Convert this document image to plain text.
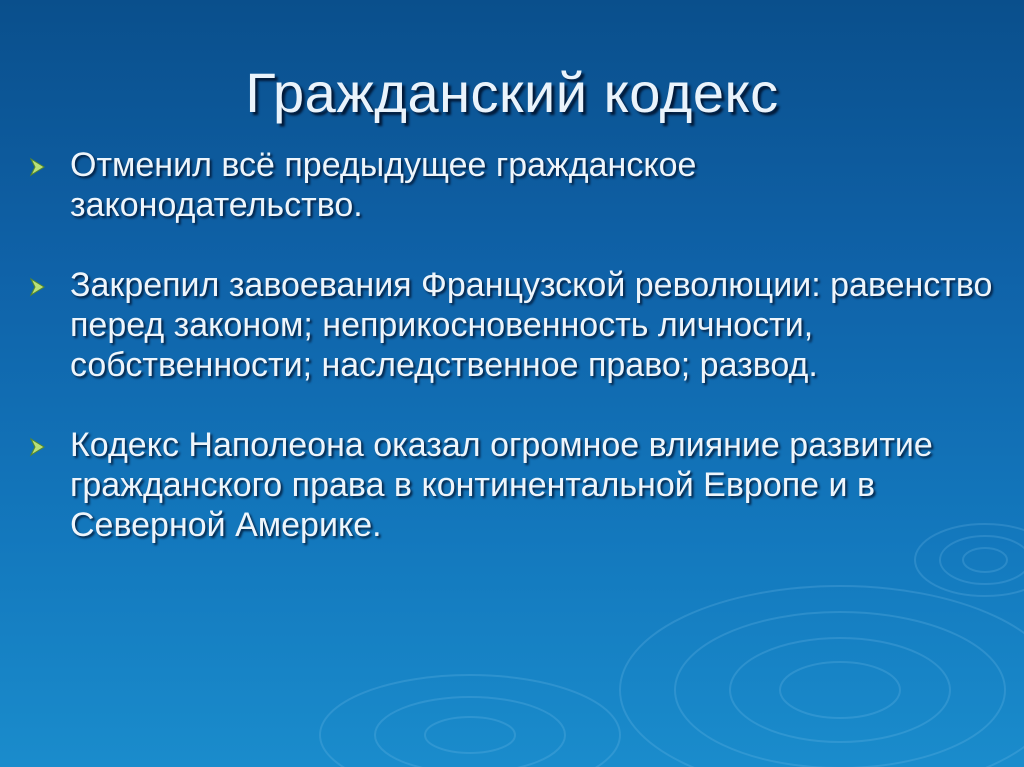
Гражданский кодекс
Отменил всё предыдущее гражданское законодательство.
Закрепил завоевания Французской революции: равенство перед законом; неприкосновенность личности, собственности; наследственное право; развод.
Кодекс Наполеона оказал огромное влияние развитие гражданского права в континентальной Европе и в Северной Америке.
